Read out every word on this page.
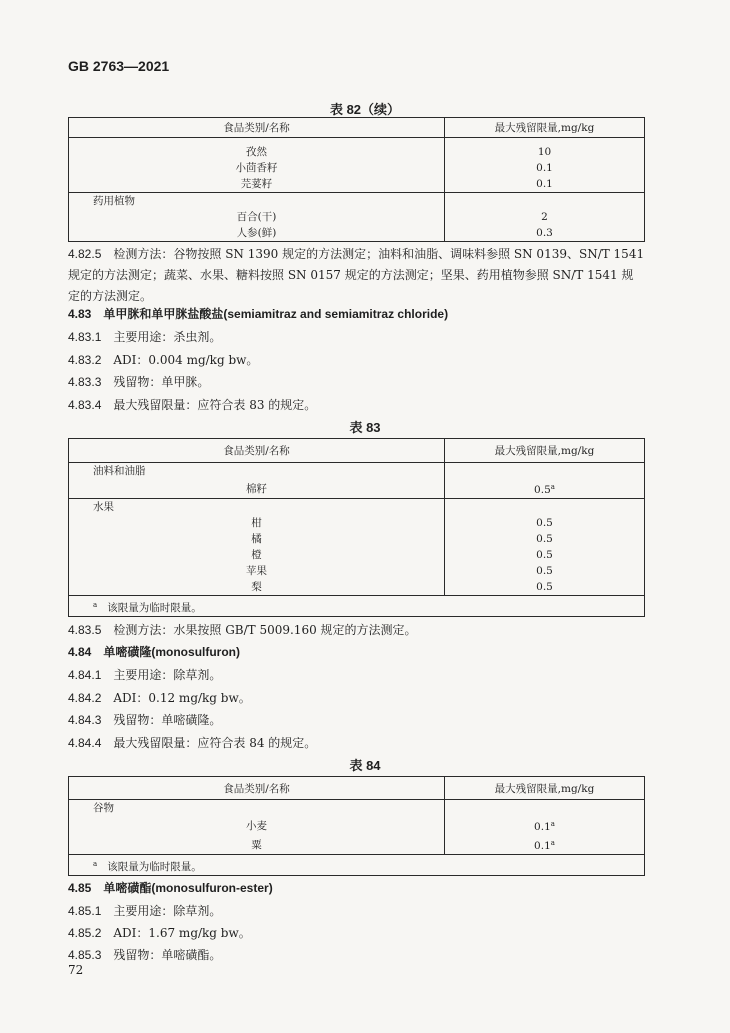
GB 2763—2021
表 82（续）
食品类别/名称	最大残留限量,mg/kg

孜然	10
小茴香籽	0.1
芫荽籽	0.1
药用植物	
百合(干)	2
人参(鲜)	0.3
4.82.5 检测方法：谷物按照 SN 1390 规定的方法测定；油料和油脂、调味料参照 SN 0139、SN/T 1541 规定的方法测定；蔬菜、水果、糖料按照 SN 0157 规定的方法测定；坚果、药用植物参照 SN/T 1541 规定的方法测定。
4.83 单甲脒和单甲脒盐酸盐(semiamitraz and semiamitraz chloride)
4.83.1 主要用途：杀虫剂。
4.83.2 ADI：0.004 mg/kg bw。
4.83.3 残留物：单甲脒。
4.83.4 最大残留限量：应符合表 83 的规定。
表 83
食品类别/名称	最大残留限量,mg/kg
油料和油脂	
棉籽	0.5$^a$
水果	
柑	0.5
橘	0.5
橙	0.5
苹果	0.5
梨	0.5
$^a$ 该限量为临时限量。	
4.83.5 检测方法：水果按照 GB/T 5009.160 规定的方法测定。
4.84 单嘧磺隆(monosulfuron)
4.84.1 主要用途：除草剂。
4.84.2 ADI：0.12 mg/kg bw。
4.84.3 残留物：单嘧磺隆。
4.84.4 最大残留限量：应符合表 84 的规定。
表 84
食品类别/名称	最大残留限量,mg/kg
谷物	
小麦	0.1$^a$
粟	0.1$^a$
$^a$ 该限量为临时限量。	
4.85 单嘧磺酯(monosulfuron-ester)
4.85.1 主要用途：除草剂。
4.85.2 ADI：1.67 mg/kg bw。
4.85.3 残留物：单嘧磺酯。
72
